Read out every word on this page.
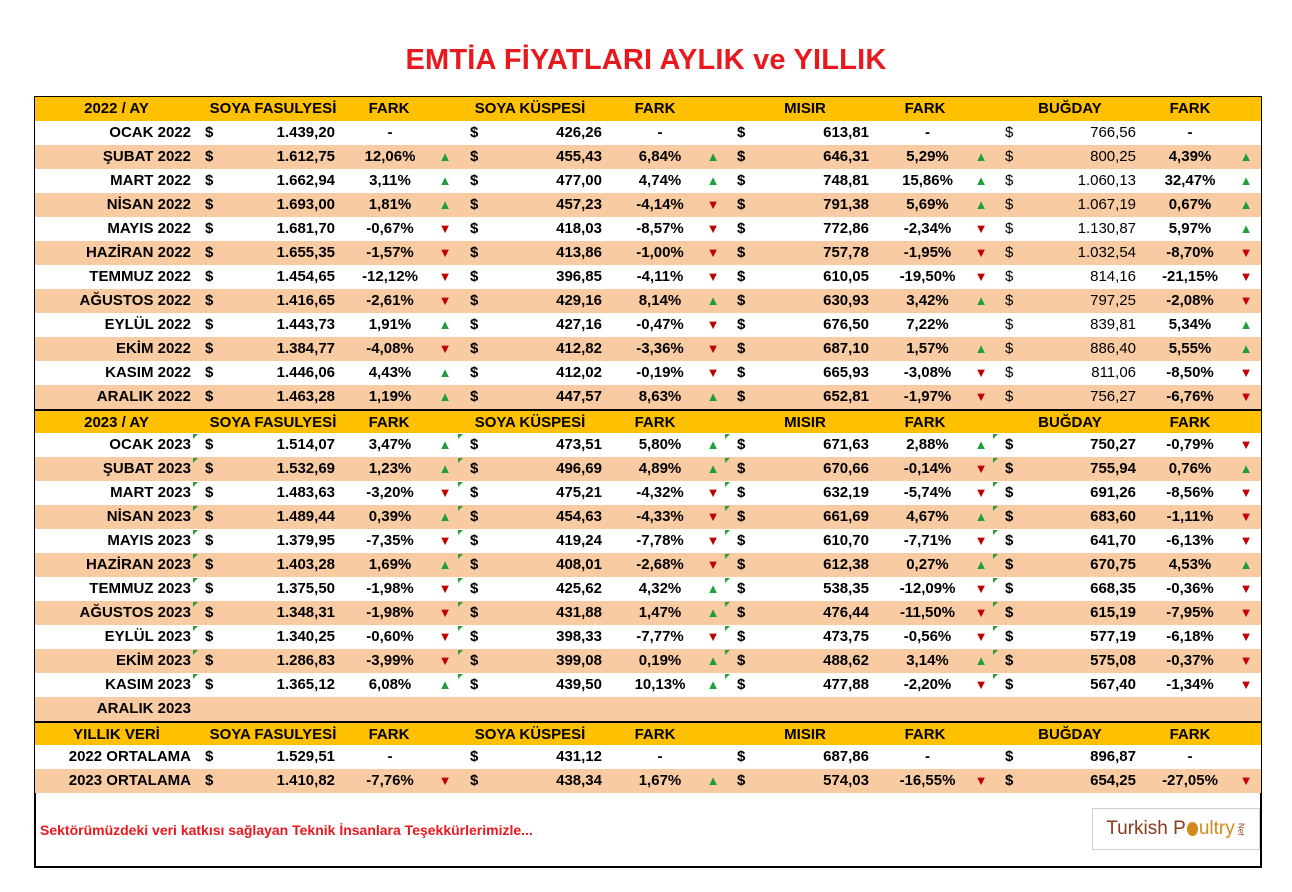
EMTİA FİYATLARI AYLIK ve YILLIK
2022 / AY	SOYA FASULYESİ	FARK	SOYA KÜSPESİ	FARK	MISIR	FARK	BUĞDAY	FARK
OCAK 2022 $	1.439,20	-	$	426,26	-	$	613,81	-	$	766,56	-
ŞUBAT 2022 $	1.612,75	12,06%	▲ $	455,43	6,84%	▲ $	646,31	5,29%	▲ $	800,25	4,39%	▲
MART 2022 $	1.662,94	3,11%	▲ $	477,00	4,74%	▲ $	748,81	15,86%	▲ $	1.060,13	32,47%	▲
NİSAN 2022 $	1.693,00	1,81%	▲ $	457,23	-4,14%	▼ $	791,38	5,69%	▲ $	1.067,19	0,67%	▲
MAYIS 2022 $	1.681,70	-0,67%	▼ $	418,03	-8,57%	▼ $	772,86	-2,34%	▼ $	1.130,87	5,97%	▲
HAZİRAN 2022 $	1.655,35	-1,57%	▼ $	413,86	-1,00%	▼ $	757,78	-1,95%	▼ $	1.032,54	-8,70%	▼
TEMMUZ 2022 $	1.454,65	-12,12%	▼ $	396,85	-4,11%	▼ $	610,05	-19,50%	▼ $	814,16	-21,15%	▼
AĞUSTOS 2022 $	1.416,65	-2,61%	▼ $	429,16	8,14%	▲ $	630,93	3,42%	▲ $	797,25	-2,08%	▼
EYLÜL 2022 $	1.443,73	1,91%	▲ $	427,16	-0,47%	▼ $	676,50	7,22%	$	839,81	5,34%	▲
EKİM 2022 $	1.384,77	-4,08%	▼ $	412,82	-3,36%	▼ $	687,10	1,57%	▲ $	886,40	5,55%	▲
KASIM 2022 $	1.446,06	4,43%	▲ $	412,02	-0,19%	▼ $	665,93	-3,08%	▼ $	811,06	-8,50%	▼
ARALIK 2022 $	1.463,28	1,19%	▲ $	447,57	8,63%	▲ $	652,81	-1,97%	▼ $	756,27	-6,76%	▼
2023 / AY	SOYA FASULYESİ	FARK	SOYA KÜSPESİ	FARK	MISIR	FARK	BUĞDAY	FARK
OCAK 2023 $	1.514,07	3,47%	▲ $	473,51	5,80%	▲ $	671,63	2,88%	▲ $	750,27	-0,79%	▼
ŞUBAT 2023 $	1.532,69	1,23%	▲ $	496,69	4,89%	▲ $	670,66	-0,14%	▼ $	755,94	0,76%	▲
MART 2023 $	1.483,63	-3,20%	▼ $	475,21	-4,32%	▼ $	632,19	-5,74%	▼ $	691,26	-8,56%	▼
NİSAN 2023 $	1.489,44	0,39%	▲ $	454,63	-4,33%	▼ $	661,69	4,67%	▲ $	683,60	-1,11%	▼
MAYIS 2023 $	1.379,95	-7,35%	▼ $	419,24	-7,78%	▼ $	610,70	-7,71%	▼ $	641,70	-6,13%	▼
HAZİRAN 2023 $	1.403,28	1,69%	▲ $	408,01	-2,68%	▼ $	612,38	0,27%	▲ $	670,75	4,53%	▲
TEMMUZ 2023 $	1.375,50	-1,98%	▼ $	425,62	4,32%	▲ $	538,35	-12,09%	▼ $	668,35	-0,36%	▼
AĞUSTOS 2023 $	1.348,31	-1,98%	▼ $	431,88	1,47%	▲ $	476,44	-11,50%	▼ $	615,19	-7,95%	▼
EYLÜL 2023 $	1.340,25	-0,60%	▼ $	398,33	-7,77%	▼ $	473,75	-0,56%	▼ $	577,19	-6,18%	▼
EKİM 2023 $	1.286,83	-3,99%	▼ $	399,08	0,19%	▲ $	488,62	3,14%	▲ $	575,08	-0,37%	▼
KASIM 2023 $	1.365,12	6,08%	▲ $	439,50	10,13%	▲ $	477,88	-2,20%	▼ $	567,40	-1,34%	▼
ARALIK 2023
YILLIK VERİ	SOYA FASULYESİ	FARK	SOYA KÜSPESİ	FARK	MISIR	FARK	BUĞDAY	FARK
2022 ORTALAMA $	1.529,51	-	$	431,12	-	$	687,86	-	$	896,87	-
2023 ORTALAMA $	1.410,82	-7,76%	▼ $	438,34	1,67%	▲ $	574,03	-16,55%	▼ $	654,25	-27,05%	▼
Sektörümüzdeki veri katkısı sağlayan Teknik İnsanlara Teşekkürlerimizle...	Turkish P ultry Net
